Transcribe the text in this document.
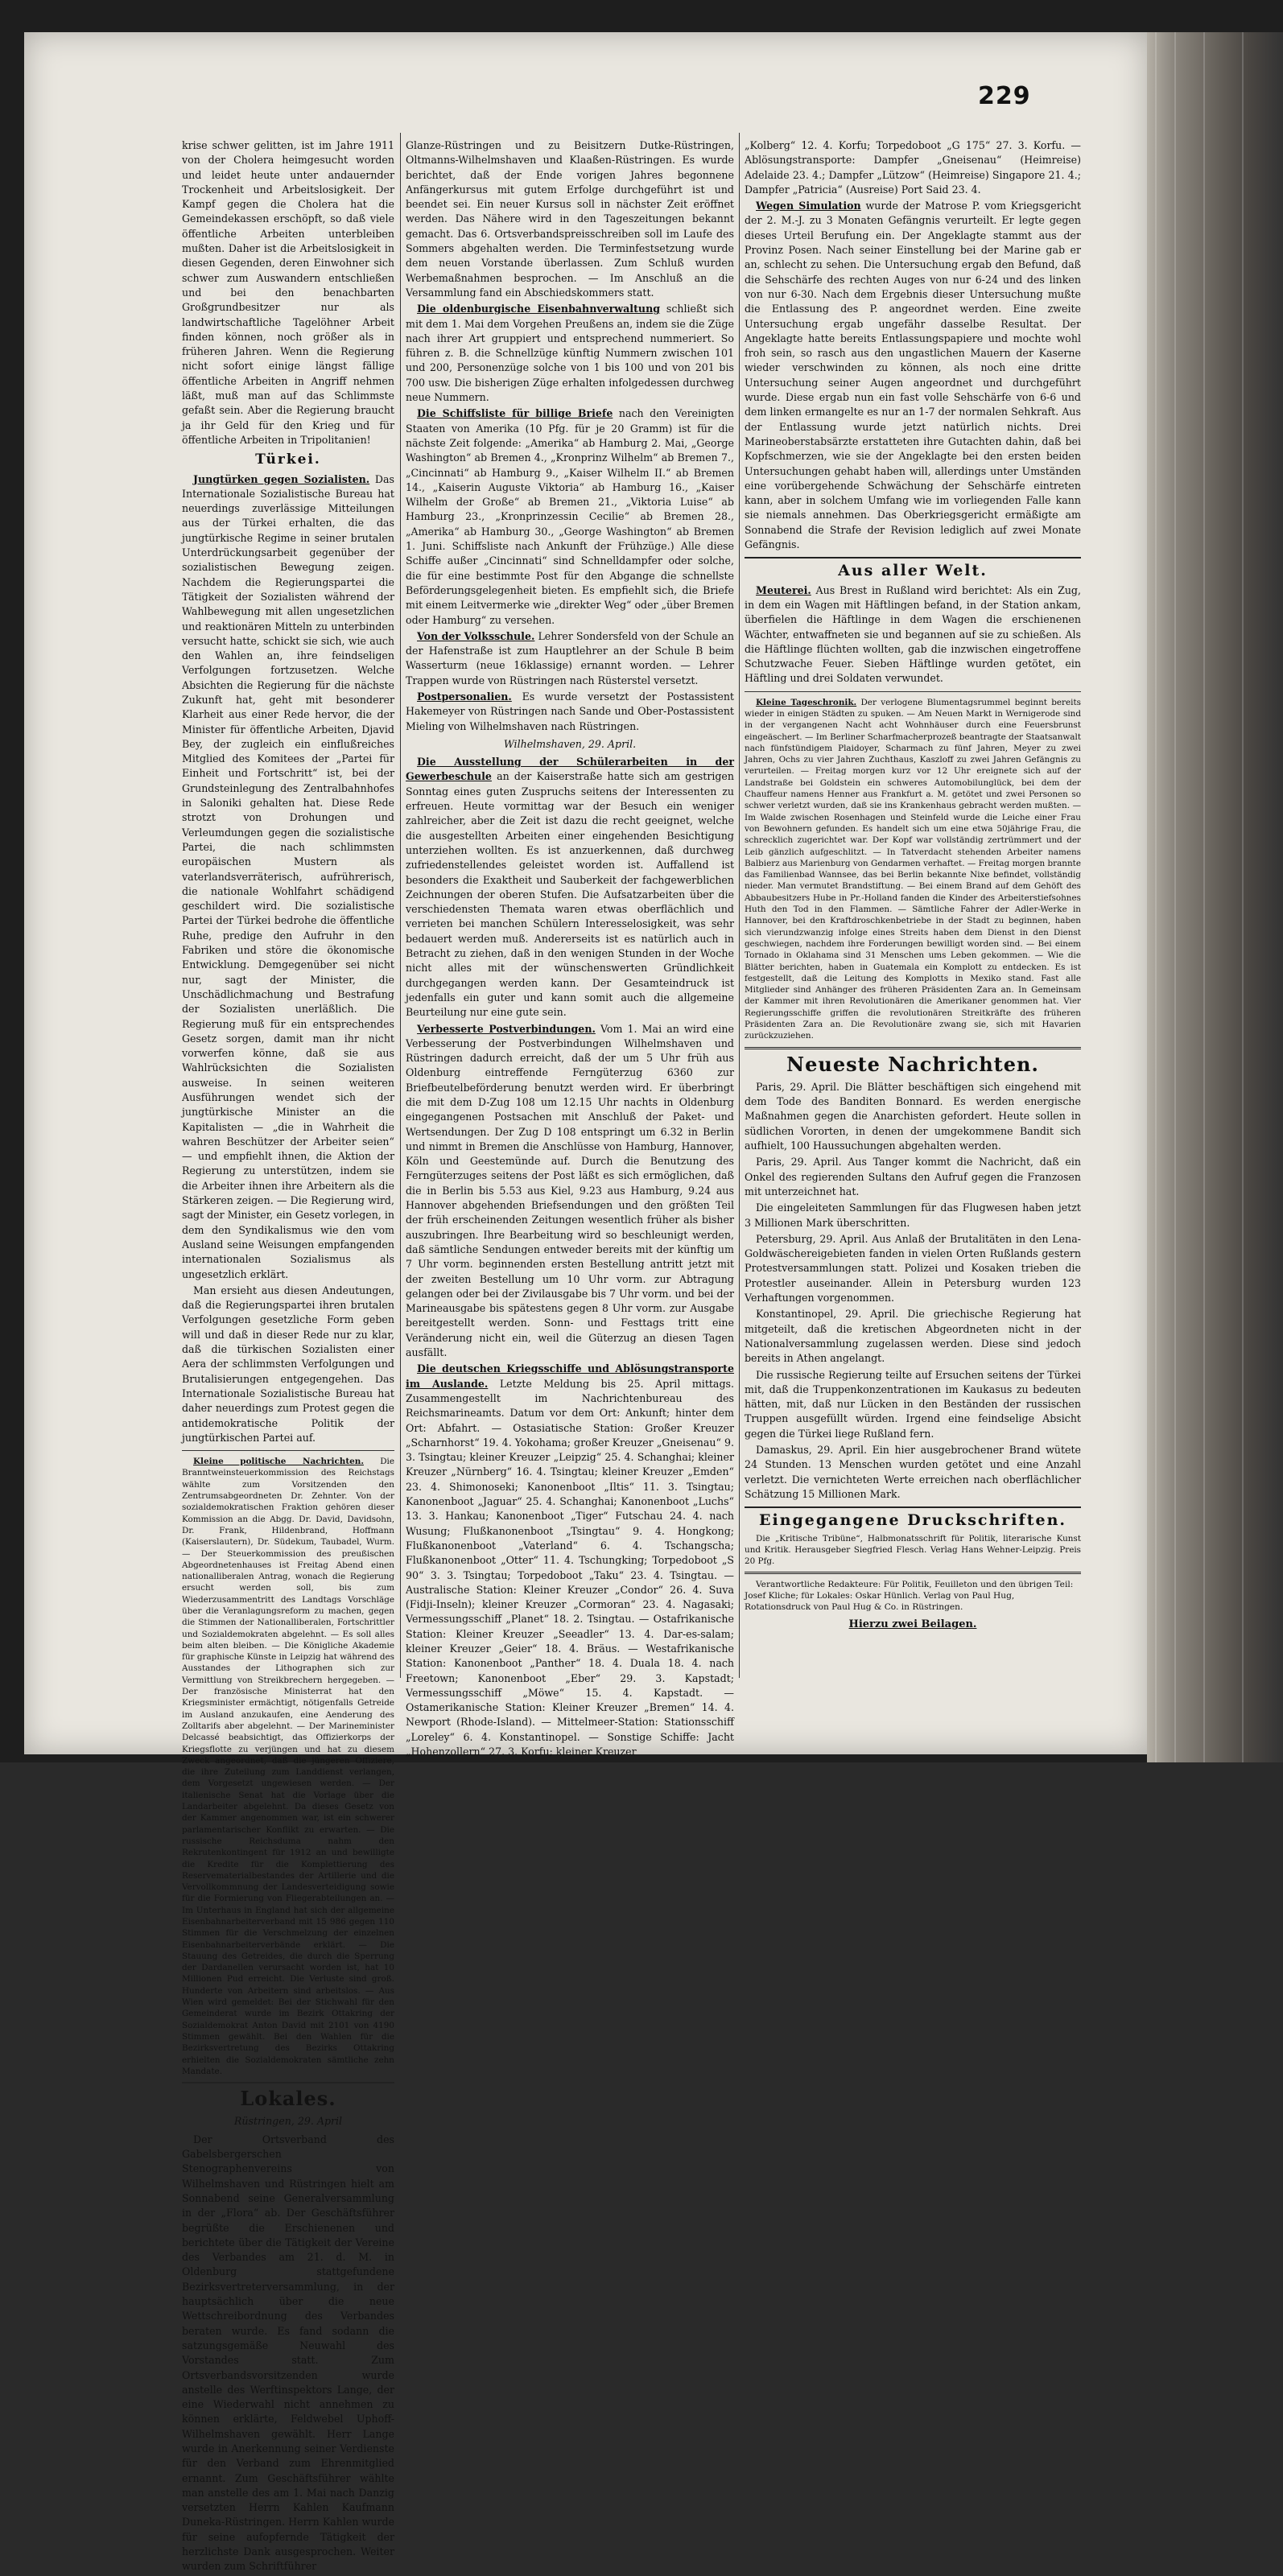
229

krise schwer gelitten, ist im Jahre 1911 von der Cholera heimgesucht worden und leidet heute unter andauernder Trockenheit und Arbeitslosigkeit. Der Kampf gegen die Cholera hat die Gemeindekassen erschöpft, so daß viele öffentliche Arbeiten unterbleiben mußten. Daher ist die Arbeitslosigkeit in diesen Gegenden, deren Einwohner sich schwer zum Auswandern entschließen und bei den benachbarten Großgrundbesitzer nur als landwirtschaftliche Tagelöhner Arbeit finden können, noch größer als in früheren Jahren. Wenn die Regierung nicht sofort einige längst fällige öffentliche Arbeiten in Angriff nehmen läßt, muß man auf das Schlimmste gefaßt sein. Aber die Regierung braucht ja ihr Geld für den Krieg und für öffentliche Arbeiten in Tripolitanien!

Türkei.

Jungtürken gegen Sozialisten. Das Internationale Sozialistische Bureau hat neuerdings zuverlässige Mitteilungen aus der Türkei erhalten, die das jungtürkische Regime in seiner brutalen Unterdrückungsarbeit gegenüber der sozialistischen Bewegung zeigen. Nachdem die Regierungspartei die Tätigkeit der Sozialisten während der Wahlbewegung mit allen ungesetzlichen und reaktionären Mitteln zu unterbinden versucht hatte, schickt sie sich, wie auch den Wahlen an, ihre feindseligen Verfolgungen fortzusetzen. Welche Absichten die Regierung für die nächste Zukunft hat, geht mit besonderer Klarheit aus einer Rede hervor, die der Minister für öffentliche Arbeiten, Djavid Bey, der zugleich ein einflußreiches Mitglied des Komitees der „Partei für Einheit und Fortschritt“ ist, bei der Grundsteinlegung des Zentralbahnhofes in Saloniki gehalten hat. Diese Rede strotzt von Drohungen und Verleumdungen gegen die sozialistische Partei, die nach schlimmsten europäischen Mustern als vaterlandsverräterisch, aufrührerisch, die nationale Wohlfahrt schädigend geschildert wird. Die sozialistische Partei der Türkei bedrohe die öffentliche Ruhe, predige den Aufruhr in den Fabriken und störe die ökonomische Entwicklung. Demgegenüber sei nicht nur, sagt der Minister, die Unschädlichmachung und Bestrafung der Sozialisten unerläßlich. Die Regierung muß für ein entsprechendes Gesetz sorgen, damit man ihr nicht vorwerfen könne, daß sie aus Wahlrücksichten die Sozialisten ausweise. In seinen weiteren Ausführungen wendet sich der jungtürkische Minister an die Kapitalisten — „die in Wahrheit die wahren Beschützer der Arbeiter seien“ — und empfiehlt ihnen, die Aktion der Regierung zu unterstützen, indem sie die Arbeiter ihnen ihre Arbeitern als die Stärkeren zeigen. — Die Regierung wird, sagt der Minister, ein Gesetz vorlegen, in dem den Syndikalismus wie den vom Ausland seine Weisungen empfangenden internationalen Sozialismus als ungesetzlich erklärt.

Man ersieht aus diesen Andeutungen, daß die Regierungspartei ihren brutalen Verfolgungen gesetzliche Form geben will und daß in dieser Rede nur zu klar, daß die türkischen Sozialisten einer Aera der schlimmsten Verfolgungen und Brutalisierungen entgegengehen. Das Internationale Sozialistische Bureau hat daher neuerdings zum Protest gegen die antidemokratische Politik der jungtürkischen Partei auf.

Kleine politische Nachrichten. Die Branntweinsteuerkommission des Reichstags wählte zum Vorsitzenden den Zentrumsabgeordneten Dr. Zehnter. Von der sozialdemokratischen Fraktion gehören dieser Kommission an die Abgg. Dr. David, Davidsohn, Dr. Frank, Hildenbrand, Hoffmann (Kaiserslautern), Dr. Südekum, Taubadel, Wurm. — Der Steuerkommission des preußischen Abgeordnetenhauses ist Freitag Abend einen nationalliberalen Antrag, wonach die Regierung ersucht werden soll, bis zum Wiederzusammentritt des Landtags Vorschläge über die Veranlagungsreform zu machen, gegen die Stimmen der Nationalliberalen, Fortschrittler und Sozialdemokraten abgelehnt. — Es soll alles beim alten bleiben. — Die Königliche Akademie für graphische Künste in Leipzig hat während des Ausstandes der Lithographen sich zur Vermittlung von Streikbrechern hergegeben. — Der französische Ministerrat hat den Kriegsminister ermächtigt, nötigenfalls Getreide im Ausland anzukaufen, eine Aenderung des Zolltarifs aber abgelehnt. — Der Marineminister Delcassé beabsichtigt, das Offizierkorps der Kriegsflotte zu verjüngen und hat zu diesem Zweck angeordnet, daß die jüngeren Offiziere, die ihre Zuteilung zum Landdienst verlangen, dem Vorgesetzt ungewiesen werden. — Der italienische Senat hat die Vorlage über die Landarbeiter abgelehnt. Da dieses Gesetz von der Kammer angenommen war, ist ein schwerer parlamentarischer Konflikt zu erwarten. — Die russische Reichsduma nahm den Rekrutenkontingent für 1912 an und bewilligte die Kredite für die Komplettierung des Reservematerialbestandes der Artillerie und die Vervollkommnung der Landesverteidigung sowie für die Formierung von Fliegerabteilungen an. — Im Unterhaus in England hat sich der allgemeine Eisenbahnarbeiterverband mit 15 986 gegen 110 Stimmen für die Verschmelzung der einzelnen Eisenbahnarbeiterverbände erklärt. — Die Stauung des Getreides, die durch die Sperrung der Dardanellen verursacht worden ist, hat 10 Millionen Pud erreicht. Die Verluste sind groß. Hunderte von Arbeitern sind arbeitslos. — Aus Wien wird gemeldet: Bei der Stichwahl für den Gemeinderat wurde im Bezirk Ottakring der Sozialdemokrat Anton David mit 2101 von 4190 Stimmen gewählt. Bei den Wahlen für die Bezirksvertretung des Bezirks Ottakring erhielten die Sozialdemokraten sämtliche zehn Mandate.

Lokales.
Rüstringen, 29. April

Der Ortsverband des Gabelsbergerschen Stenographenvereins von Wilhelmshaven und Rüstringen hielt am Sonnabend seine Generalversammlung in der „Flora“ ab. Der Geschäftsführer begrüßte die Erschienenen und berichtete über die Tätigkeit der Vereine des Verbandes am 21. d. M. in Oldenburg stattgefundene Bezirksvertreterversammlung, in der hauptsächlich über die neue Wettschreibordnung des Verbandes beraten wurde. Es fand sodann die satzungsgemäße Neuwahl des Vorstandes statt. Zum Ortsverbandsvorsitzenden wurde anstelle des Werftinspektors Lange, der eine Wiederwahl nicht annehmen zu können erklärte, Feldwebel Uphoff-Wilhelmshaven gewählt. Herr Lange wurde in Anerkennung seiner Verdienste für den Verband zum Ehrenmitglied ernannt. Zum Geschäftsführer wählte man anstelle des am 1. Mai nach Danzig versetzten Herrn Kahlen Kaufmann Duneka-Rüstringen. Herrn Kahlen wurde für seine aufopfernde Tätigkeit der herzlichste Dank ausgesprochen. Weiter wurden zum Schriftführer

Glanze-Rüstringen und zu Beisitzern Dutke-Rüstringen, Oltmanns-Wilhelmshaven und Klaaßen-Rüstringen. Es wurde berichtet, daß der Ende vorigen Jahres begonnene Anfängerkursus mit gutem Erfolge durchgeführt ist und beendet sei. Ein neuer Kursus soll in nächster Zeit eröffnet werden. Das Nähere wird in den Tageszeitungen bekannt gemacht. Das 6. Ortsverbandspreisschreiben soll im Laufe des Sommers abgehalten werden. Die Terminfestsetzung wurde dem neuen Vorstande überlassen. Zum Schluß wurden Werbemaßnahmen besprochen. — Im Anschluß an die Versammlung fand ein Abschiedskommers statt.

Die oldenburgische Eisenbahnverwaltung schließt sich mit dem 1. Mai dem Vorgehen Preußens an, indem sie die Züge nach ihrer Art gruppiert und entsprechend nummeriert. So führen z. B. die Schnellzüge künftig Nummern zwischen 101 und 200, Personenzüge solche von 1 bis 100 und von 201 bis 700 usw. Die bisherigen Züge erhalten infolgedessen durchweg neue Nummern.

Die Schiffsliste für billige Briefe nach den Vereinigten Staaten von Amerika (10 Pfg. für je 20 Gramm) ist für die nächste Zeit folgende: „Amerika“ ab Hamburg 2. Mai, „George Washington“ ab Bremen 4., „Kronprinz Wilhelm“ ab Bremen 7., „Cincinnati“ ab Hamburg 9., „Kaiser Wilhelm II.“ ab Bremen 14., „Kaiserin Auguste Viktoria“ ab Hamburg 16., „Kaiser Wilhelm der Große“ ab Bremen 21., „Viktoria Luise“ ab Hamburg 23., „Kronprinzessin Cecilie“ ab Bremen 28., „Amerika“ ab Hamburg 30., „George Washington“ ab Bremen 1. Juni. Schiffsliste nach Ankunft der Frühzüge.) Alle diese Schiffe außer „Cincinnati“ sind Schnelldampfer oder solche, die für eine bestimmte Post für den Abgange die schnellste Beförderungsgelegenheit bieten. Es empfiehlt sich, die Briefe mit einem Leitvermerke wie „direkter Weg“ oder „über Bremen oder Hamburg“ zu versehen.

Von der Volksschule. Lehrer Sondersfeld von der Schule an der Hafenstraße ist zum Hauptlehrer an der Schule B beim Wasserturm (neue 16klassige) ernannt worden. — Lehrer Trappen wurde von Rüstringen nach Rüsterstel versetzt.

Postpersonalien. Es wurde versetzt der Postassistent Hakemeyer von Rüstringen nach Sande und Ober-Postassistent Mieling von Wilhelmshaven nach Rüstringen.

Wilhelmshaven, 29. April.

Die Ausstellung der Schülerarbeiten in der Gewerbeschule an der Kaiserstraße hatte sich am gestrigen Sonntag eines guten Zuspruchs seitens der Interessenten zu erfreuen. Heute vormittag war der Besuch ein weniger zahlreicher, aber die Zeit ist dazu die recht geeignet, welche die ausgestellten Arbeiten einer eingehenden Besichtigung unterziehen wollten. Es ist anzuerkennen, daß durchweg zufriedenstellendes geleistet worden ist. Auffallend ist besonders die Exaktheit und Sauberkeit der fachgewerblichen Zeichnungen der oberen Stufen. Die Aufsatzarbeiten über die verschiedensten Themata waren etwas oberflächlich und verrieten bei manchen Schülern Interesselosigkeit, was sehr bedauert werden muß. Andererseits ist es natürlich auch in Betracht zu ziehen, daß in den wenigen Stunden in der Woche nicht alles mit der wünschenswerten Gründlichkeit durchgegangen werden kann. Der Gesamteindruck ist jedenfalls ein guter und kann somit auch die allgemeine Beurteilung nur eine gute sein.

Verbesserte Postverbindungen. Vom 1. Mai an wird eine Verbesserung der Postverbindungen Wilhelmshaven und Rüstringen dadurch erreicht, daß der um 5 Uhr früh aus Oldenburg eintreffende Ferngüterzug 6360 zur Briefbeutelbeförderung benutzt werden wird. Er überbringt die mit dem D-Zug 108 um 12.15 Uhr nachts in Oldenburg eingegangenen Postsachen mit Anschluß der Paket- und Wertsendungen. Der Zug D 108 entspringt um 6.32 in Berlin und nimmt in Bremen die Anschlüsse von Hamburg, Hannover, Köln und Geestemünde auf. Durch die Benutzung des Ferngüterzuges seitens der Post läßt es sich ermöglichen, daß die in Berlin bis 5.53 aus Kiel, 9.23 aus Hamburg, 9.24 aus Hannover abgehenden Briefsendungen und den größten Teil der früh erscheinenden Zeitungen wesentlich früher als bisher auszubringen. Ihre Bearbeitung wird so beschleunigt werden, daß sämtliche Sendungen entweder bereits mit der künftig um 7 Uhr vorm. beginnenden ersten Bestellung antritt jetzt mit der zweiten Bestellung um 10 Uhr vorm. zur Abtragung gelangen oder bei der Zivilausgabe bis 7 Uhr vorm. und bei der Marineausgabe bis spätestens gegen 8 Uhr vorm. zur Ausgabe bereitgestellt werden. Sonn- und Festtags tritt eine Veränderung nicht ein, weil die Güterzug an diesen Tagen ausfällt.

Die deutschen Kriegsschiffe und Ablösungstransporte im Auslande. Letzte Meldung bis 25. April mittags. Zusammengestellt im Nachrichtenbureau des Reichsmarineamts. Datum vor dem Ort: Ankunft; hinter dem Ort: Abfahrt. — Ostasiatische Station: Großer Kreuzer „Scharnhorst“ 19. 4. Yokohama; großer Kreuzer „Gneisenau“ 9. 3. Tsingtau; kleiner Kreuzer „Leipzig“ 25. 4. Schanghai; kleiner Kreuzer „Nürnberg“ 16. 4. Tsingtau; kleiner Kreuzer „Emden“ 23. 4. Shimonoseki; Kanonenboot „Iltis“ 11. 3. Tsingtau; Kanonenboot „Jaguar“ 25. 4. Schanghai; Kanonenboot „Luchs“ 13. 3. Hankau; Kanonenboot „Tiger“ Futschau 24. 4. nach Wusung; Flußkanonenboot „Tsingtau“ 9. 4. Hongkong; Flußkanonenboot „Vaterland“ 6. 4. Tschangscha; Flußkanonenboot „Otter“ 11. 4. Tschungking; Torpedoboot „S 90“ 3. 3. Tsingtau; Torpedoboot „Taku“ 23. 4. Tsingtau. — Australische Station: Kleiner Kreuzer „Condor“ 26. 4. Suva (Fidji-Inseln); kleiner Kreuzer „Cormoran“ 23. 4. Nagasaki; Vermessungsschiff „Planet“ 18. 2. Tsingtau. — Ostafrikanische Station: Kleiner Kreuzer „Seeadler“ 13. 4. Dar-es-salam; kleiner Kreuzer „Geier“ 18. 4. Bräus. — Westafrikanische Station: Kanonenboot „Panther“ 18. 4. Duala 18. 4. nach Freetown; Kanonenboot „Eber“ 29. 3. Kapstadt; Vermessungsschiff „Möwe“ 15. 4. Kapstadt. — Ostamerikanische Station: Kleiner Kreuzer „Bremen“ 14. 4. Newport (Rhode-Island). — Mittelmeer-Station: Stationsschiff „Loreley“ 6. 4. Konstantinopel. — Sonstige Schiffe: Jacht „Hohenzollern“ 27. 3. Korfu; kleiner Kreuzer

„Kolberg“ 12. 4. Korfu; Torpedoboot „G 175“ 27. 3. Korfu. — Ablösungstransporte: Dampfer „Gneisenau“ (Heimreise) Adelaide 23. 4.; Dampfer „Lützow“ (Heimreise) Singapore 21. 4.; Dampfer „Patricia“ (Ausreise) Port Said 23. 4.

Wegen Simulation wurde der Matrose P. vom Kriegsgericht der 2. M.-J. zu 3 Monaten Gefängnis verurteilt. Er legte gegen dieses Urteil Berufung ein. Der Angeklagte stammt aus der Provinz Posen. Nach seiner Einstellung bei der Marine gab er an, schlecht zu sehen. Die Untersuchung ergab den Befund, daß die Sehschärfe des rechten Auges von nur 6-24 und des linken von nur 6-30. Nach dem Ergebnis dieser Untersuchung mußte die Entlassung des P. angeordnet werden. Eine zweite Untersuchung ergab ungefähr dasselbe Resultat. Der Angeklagte hatte bereits Entlassungspapiere und mochte wohl froh sein, so rasch aus den ungastlichen Mauern der Kaserne wieder verschwinden zu können, als noch eine dritte Untersuchung seiner Augen angeordnet und durchgeführt wurde. Diese ergab nun ein fast volle Sehschärfe von 6-6 und dem linken ermangelte es nur an 1-7 der normalen Sehkraft. Aus der Entlassung wurde jetzt natürlich nichts. Drei Marineoberstabsärzte erstatteten ihre Gutachten dahin, daß bei Kopfschmerzen, wie sie der Angeklagte bei den ersten beiden Untersuchungen gehabt haben will, allerdings unter Umständen eine vorübergehende Schwächung der Sehschärfe eintreten kann, aber in solchem Umfang wie im vorliegenden Falle kann sie niemals annehmen. Das Oberkriegsgericht ermäßigte am Sonnabend die Strafe der Revision lediglich auf zwei Monate Gefängnis.

Aus aller Welt.

Meuterei. Aus Brest in Rußland wird berichtet: Als ein Zug, in dem ein Wagen mit Häftlingen befand, in der Station ankam, überfielen die Häftlinge in dem Wagen die erschienenen Wächter, entwaffneten sie und begannen auf sie zu schießen. Als die Häftlinge flüchten wollten, gab die inzwischen eingetroffene Schutzwache Feuer. Sieben Häftlinge wurden getötet, ein Häftling und drei Soldaten verwundet.

Kleine Tageschronik. Der verlogene Blumentagsrummel beginnt bereits wieder in einigen Städten zu spuken. — Am Neuen Markt in Wernigerode sind in der vergangenen Nacht acht Wohnhäuser durch eine Feuersbrunst eingeäschert. — Im Berliner Scharfmacherprozeß beantragte der Staatsanwalt nach fünfstündigem Plaidoyer, Scharmach zu fünf Jahren, Meyer zu zwei Jahren, Ochs zu vier Jahren Zuchthaus, Kaszloff zu zwei Jahren Gefängnis zu verurteilen. — Freitag morgen kurz vor 12 Uhr ereignete sich auf der Landstraße bei Goldstein ein schweres Automobilunglück, bei dem der Chauffeur namens Henner aus Frankfurt a. M. getötet und zwei Personen so schwer verletzt wurden, daß sie ins Krankenhaus gebracht werden mußten. — Im Walde zwischen Rosenhagen und Steinfeld wurde die Leiche einer Frau von Bewohnern gefunden. Es handelt sich um eine etwa 50jährige Frau, die schrecklich zugerichtet war. Der Kopf war vollständig zertrümmert und der Leib gänzlich aufgeschlitzt. — In Tatverdacht stehenden Arbeiter namens Balbierz aus Marienburg von Gendarmen verhaftet. — Freitag morgen brannte das Familienbad Wannsee, das bei Berlin bekannte Nixe befindet, vollständig nieder. Man vermutet Brandstiftung. — Bei einem Brand auf dem Gehöft des Abbaubesitzers Hube in Pr.-Holland fanden die Kinder des Arbeiterstiefsohnes Huth den Tod in den Flammen. — Sämtliche Fahrer der Adler-Werke in Hannover, bei den Kraftdroschkenbetriebe in der Stadt zu beginnen, haben sich vierundzwanzig infolge eines Streits haben dem Dienst in den Dienst geschwiegen, nachdem ihre Forderungen bewilligt worden sind. — Bei einem Tornado in Oklahama sind 31 Menschen ums Leben gekommen. — Wie die Blätter berichten, haben in Guatemala ein Komplott zu entdecken. Es ist festgestellt, daß die Leitung des Komplotts in Mexiko stand. Fast alle Mitglieder sind Anhänger des früheren Präsidenten Zara an. In Gemeinsam der Kammer mit ihren Revolutionären die Amerikaner genommen hat. Vier Regierungsschiffe griffen die revolutionären Streitkräfte des früheren Präsidenten Zara an. Die Revolutionäre zwang sie, sich mit Havarien zurückzuziehen.

Neueste Nachrichten.

Paris, 29. April. Die Blätter beschäftigen sich eingehend mit dem Tode des Banditen Bonnard. Es werden energische Maßnahmen gegen die Anarchisten gefordert. Heute sollen in südlichen Vororten, in denen der umgekommene Bandit sich aufhielt, 100 Haussuchungen abgehalten werden.

Paris, 29. April. Aus Tanger kommt die Nachricht, daß ein Onkel des regierenden Sultans den Aufruf gegen die Franzosen mit unterzeichnet hat.

Die eingeleiteten Sammlungen für das Flugwesen haben jetzt 3 Millionen Mark überschritten.

Petersburg, 29. April. Aus Anlaß der Brutalitäten in den Lena-Goldwäschereigebieten fanden in vielen Orten Rußlands gestern Protestversammlungen statt. Polizei und Kosaken trieben die Protestler auseinander. Allein in Petersburg wurden 123 Verhaftungen vorgenommen.

Konstantinopel, 29. April. Die griechische Regierung hat mitgeteilt, daß die kretischen Abgeordneten nicht in der Nationalversammlung zugelassen werden. Diese sind jedoch bereits in Athen angelangt.

Die russische Regierung teilte auf Ersuchen seitens der Türkei mit, daß die Truppenkonzentrationen im Kaukasus zu bedeuten hätten, mit, daß nur Lücken in den Beständen der russischen Truppen ausgefüllt würden. Irgend eine feindselige Absicht gegen die Türkei liege Rußland fern.

Damaskus, 29. April. Ein hier ausgebrochener Brand wütete 24 Stunden. 13 Menschen wurden getötet und eine Anzahl verletzt. Die vernichteten Werte erreichen nach oberflächlicher Schätzung 15 Millionen Mark.

Eingegangene Druckschriften.

Die „Kritische Tribüne“, Halbmonatsschrift für Politik, literarische Kunst und Kritik. Herausgeber Siegfried Flesch. Verlag Hans Wehner-Leipzig. Preis 20 Pfg.

Verantwortliche Redakteure: Für Politik, Feuilleton und den übrigen Teil: Josef Kliche; für Lokales: Oskar Hünlich. Verlag von Paul Hug, Rotationsdruck von Paul Hug & Co. in Rüstringen.

Hierzu zwei Beilagen.
